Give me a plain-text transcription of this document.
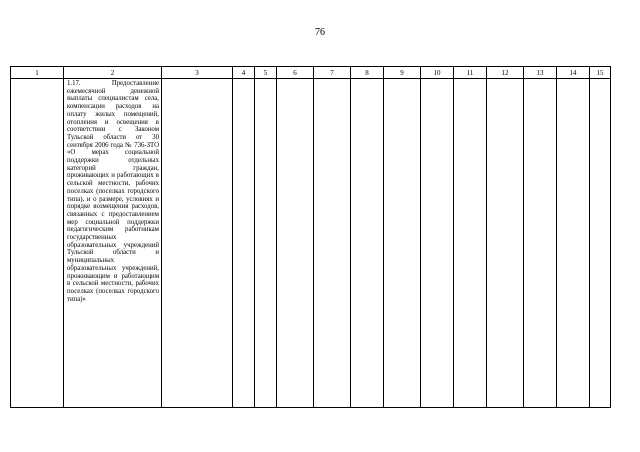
76
1	2	3	4	5	6	7	8	9	10	11	12	13	14	15

	1.17. Предоставление ежемесячной денежной выплаты специалистам села, компенсации расходов на оплату жилых помещений, отопления и освещения в соответствии с Законом Тульской области от 30 сентября 2006 года № 736-ЗТО «О мерах социальной поддержки отдельных категорий граждан, проживающих и работающих в сельской местности, рабочих поселках (поселках городского типа), и о размере, условиях и порядке возмещения расходов, связанных с предоставлением мер социальной поддержки педагогическим работникам государственных образовательных учреждений Тульской области и муниципальных образовательных учреждений, проживающим и работающим в сельской местности, рабочих поселках (поселках городского типа)»													
